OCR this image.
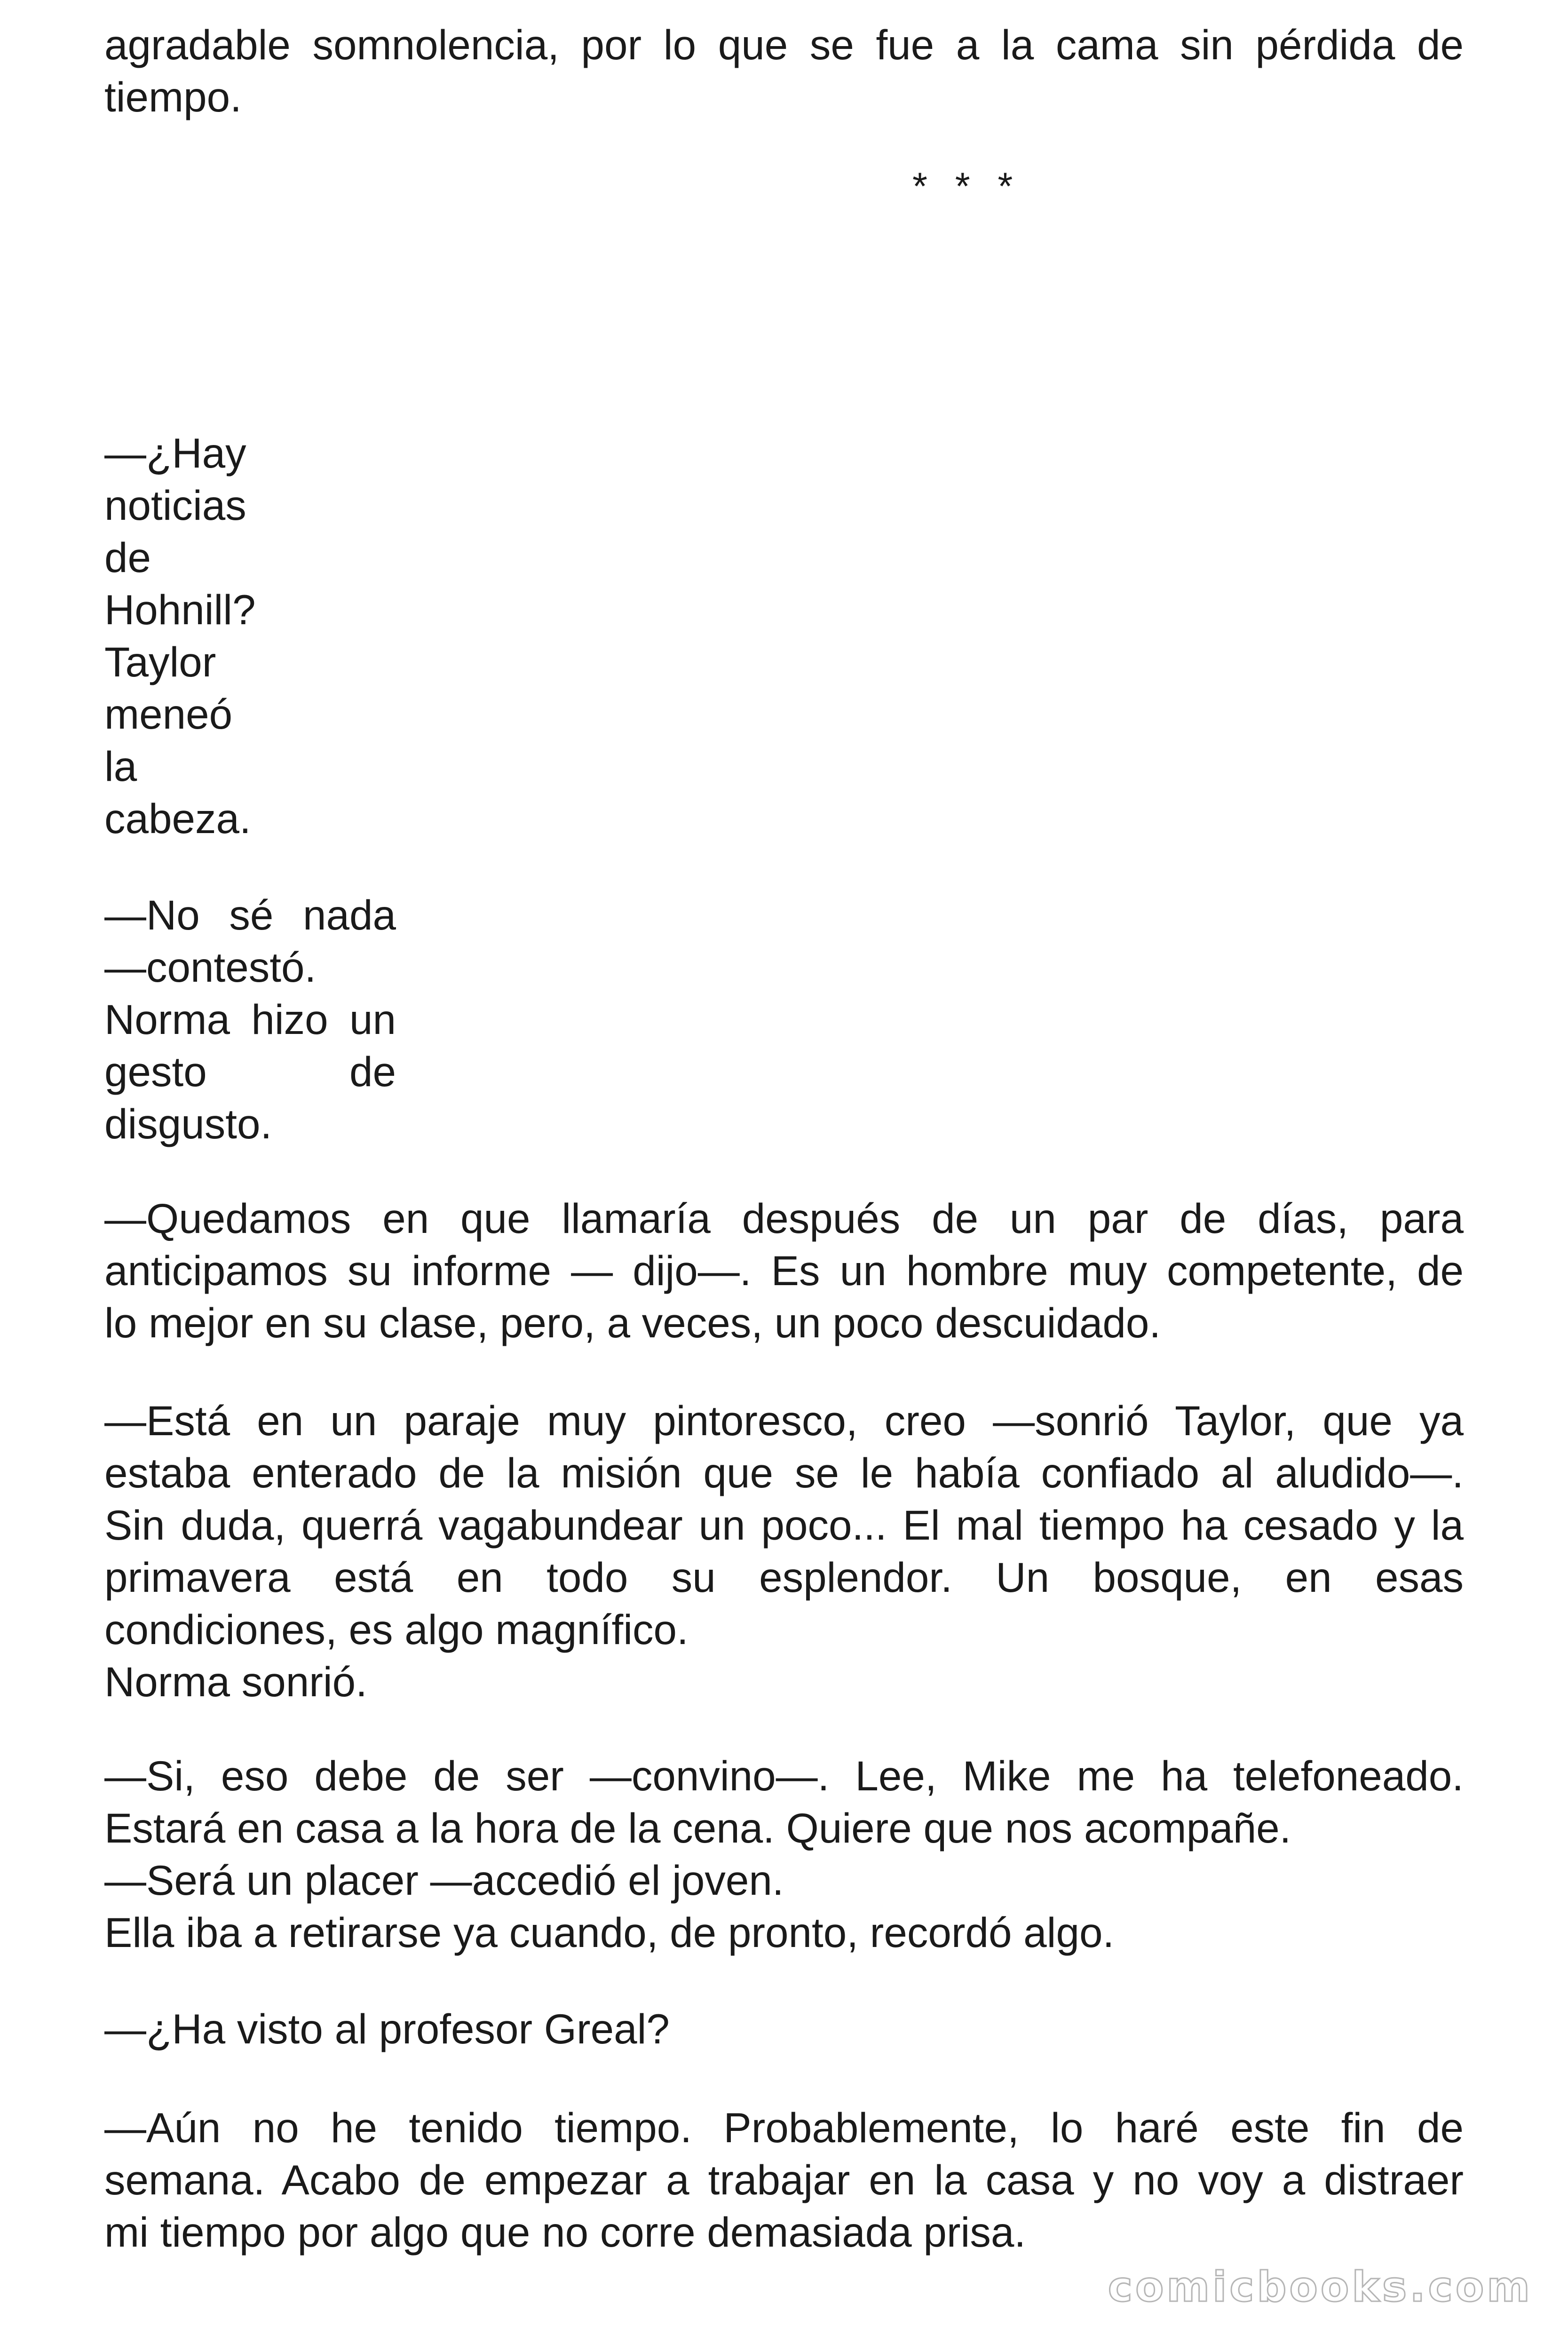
agradable somnolencia, por lo que se fue a la cama sin pérdida de
tiempo.
* * *
—¿Hay
noticias
de
Hohnill?
Taylor
meneó
la
cabeza.
—No sé nada
—contestó.
Norma hizo un
gesto de
disgusto.
—Quedamos en que llamaría después de un par de días, para
anticipamos su informe — dijo—. Es un hombre muy competente, de
lo mejor en su clase, pero, a veces, un poco descuidado.
—Está en un paraje muy pintoresco, creo —sonrió Taylor, que ya
estaba enterado de la misión que se le había confiado al aludido—.
Sin duda, querrá vagabundear un poco... El mal tiempo ha cesado y la
primavera está en todo su esplendor. Un bosque, en esas
condiciones, es algo magnífico.
Norma sonrió.
—Si, eso debe de ser —convino—. Lee, Mike me ha telefoneado.
Estará en casa a la hora de la cena. Quiere que nos acompañe.
—Será un placer —accedió el joven.
Ella iba a retirarse ya cuando, de pronto, recordó algo.
—¿Ha visto al profesor Greal?
—Aún no he tenido tiempo. Probablemente, lo haré este fin de
semana. Acabo de empezar a trabajar en la casa y no voy a distraer
mi tiempo por algo que no corre demasiada prisa.
comicbooks.com
